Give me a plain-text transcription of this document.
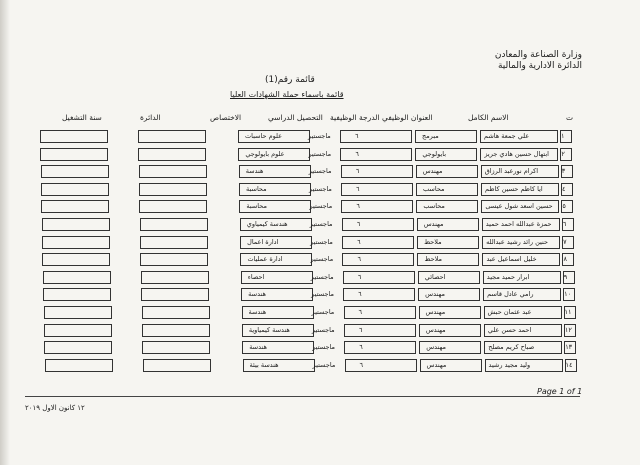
وزارة الصناعة والمعادن
الدائرة الادارية والمالية
قائمة رقم(1)
قائمة باسماء حملة الشهادات العليا
ت
الاسم الكامل
العنوان الوظيفي
الدرجة الوظيفية
التحصيل الدراسي
الاختصاص
الدائرة
سنة التشغيل
١
علي جمعة هاشم
مبرمج
٦
ماجستير
علوم حاسبات
٢
ابتهال حسين هادي جريز
بايولوجي
٦
ماجستير
علوم بايولوجي
٣
اكرام نورعبد الرزاق
مهندس
٦
ماجستير
هندسة
٤
ايا كاظم حسين كاظم
محاسب
٦
ماجستير
محاسبة
٥
حسين اسعد شول عيسى
محاسب
٦
ماجستير
محاسبة
٦
حمزة عبدالله احمد حميد
مهندس
٦
ماجستير
هندسة كيمياوي
٧
حنين رائد رشيد عبدالله
ملاحظ
٦
ماجستير
ادارة اعمال
٨
خليل اسماعيل عبد
ملاحظ
٦
ماجستير
ادارة عمليات
٩
ابرار حميد مجيد
احصائي
٦
ماجستير
احصاء
١٠
رامي عادل قاسم
مهندس
٦
ماجستير
هندسة
١١
عبد عثمان حبش
مهندس
٦
ماجستير
هندسة
١٢
احمد حسن علي
مهندس
٦
ماجستير
هندسة كيمياوية
١٣
صباح كريم مصلح
مهندس
٦
ماجستير
هندسة
١٤
وليد مجيد رشيد
مهندس
٦
ماجستير
هندسة بيئة
Page 1 of 1
١٢ كانون الاول ٢٠١٩
